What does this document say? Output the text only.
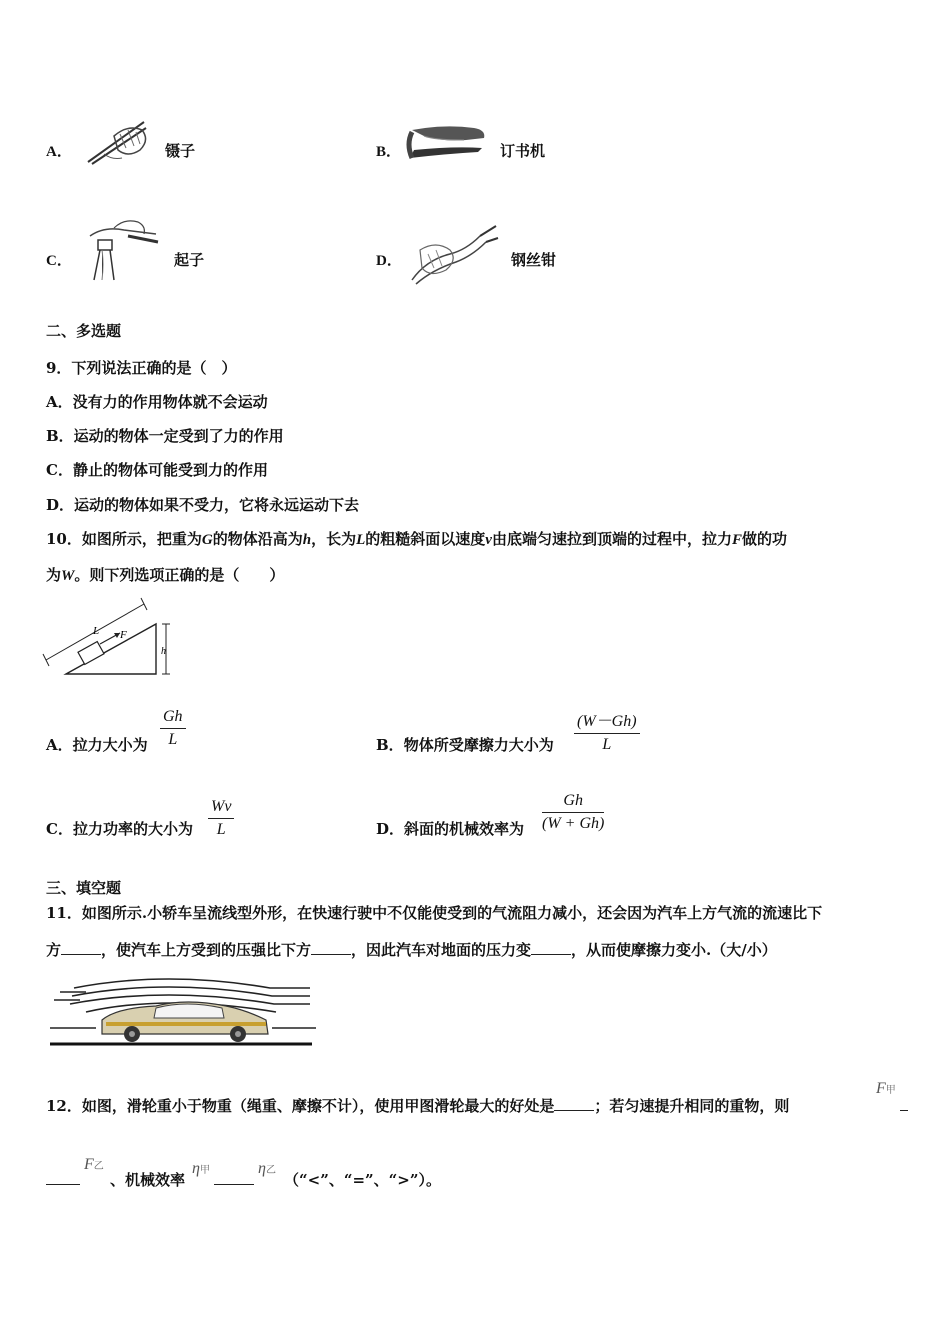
A．	镊子	B．	订书机
C．	起子	D．	钢丝钳
二、多选题
9．下列说法正确的是（　）
A．没有力的作用物体就不会运动
B．运动的物体一定受到了力的作用
C．静止的物体可能受到力的作用
D．运动的物体如果不受力，它将永远运动下去
10．如图所示，把重为G的物体沿高为h，长为L的粗糙斜面以速度v由底端匀速拉到顶端的过程中，拉力F做的功
为W。则下列选项正确的是（　　）
L F
h
A．拉力大小为 $\frac{Gh}{L}$	B．物体所受摩擦力大小为 $\frac{(W-Gh)}{L}$
C．拉力功率的大小为 $\frac{Wv}{L}$	D．斜面的机械效率为 $\frac{Gh}{(W + Gh)}$
三、填空题
11．如图所示.小轿车呈流线型外形，在快速行驶中不仅能使受到的气流阻力减小，还会因为汽车上方气流的流速比下
方	，使汽车上方受到的压强比下方	，因此汽车对地面的压力变	，从而使摩擦力变小.（大/小）
12．如图，滑轮重小于物重（绳重、摩擦不计），使用甲图滑轮最大的好处是	；若匀速提升相同的重物，则
F甲
F乙
、机械效率
η甲	η乙
（“<”、“=”、“>”）。
